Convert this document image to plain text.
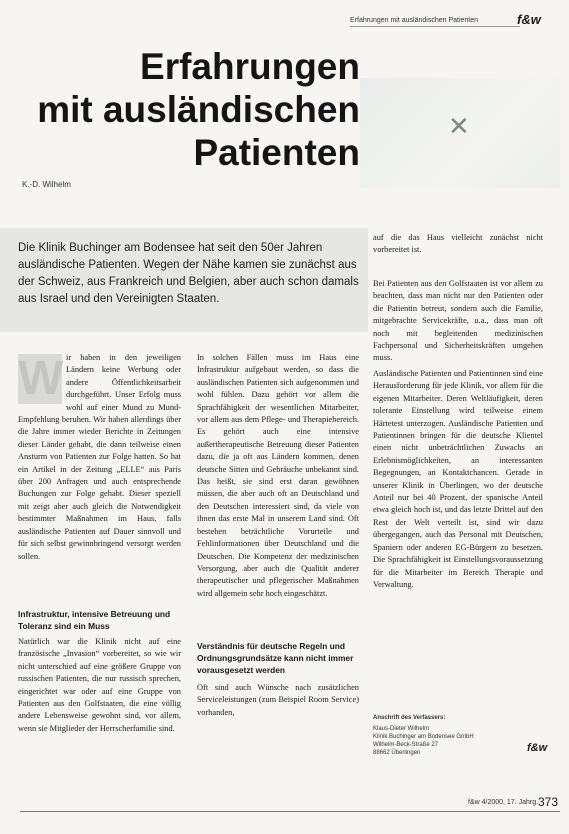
Erfahrungen mit ausländischen Patienten	f&w
✕
Erfahrungen
mit ausländischen
Patienten
K.-D. Wilhelm
Die Klinik Buchinger am Bodensee hat seit den 50er Jahren ausländische Patienten. Wegen der Nähe kamen sie zunächst aus der Schweiz, aus Frankreich und Belgien, aber auch schon damals aus Israel und den Vereinigten Staaten.
W ir haben in den jeweiligen Ländern keine Werbung oder andere Öffentlichkeitsarbeit durchgeführt. Unser Erfolg muss wohl auf einer Mund zu Mund-Empfehlung beruhen. Wir haben allerdings über die Jahre immer wieder Berichte in Zeitungen dieser Länder gehabt, die dann teilweise einen Ansturm von Patienten zur Folge hatten. So hat ein Artikel in der Zeitung „ELLE“ aus Paris über 200 Anfragen und auch entsprechende Buchungen zur Folge gehabt. Dieser speziell mit zeigt aber auch gleich die Notwendigkeit bestimmter Maßnahmen im Haus, falls ausländische Patienten auf Dauer sinnvoll und für sich selbst gewinnbringend versorgt werden sollen.

Infrastruktur, intensive Betreuung und Toleranz sind ein Muss

Natürlich war die Klinik nicht auf eine französische „Invasion“ vorbereitet, so wie wir nicht unterschied auf eine größere Gruppe von russischen Patienten, die nur russisch sprechen, eingerichtet war oder auf eine Gruppe von Patienten aus den Golfstaaten, die eine völlig andere Lebensweise gewohnt sind, vor allem, wenn sie Mitglieder der Herrscherfamilie sind.

In solchen Fällen muss im Haus eine Infrastruktur aufgebaut werden, so dass die ausländischen Patienten sich aufgenommen und wohl fühlen. Dazu gehört vor allem die Sprachfähigkeit der wesentlichen Mitarbeiter, vor allem aus dem Pflege- und Therapiebereich. Es gehört auch eine intensive außertherapeutische Betreuung dieser Patienten dazu, die ja oft aus Ländern kommen, denen deutsche Sitten und Gebräuche unbekannt sind. Das heißt, sie sind erst daran gewöhnen müssen, die aber auch oft an Deutschland und den Deutschen interessiert sind, da viele von ihnen das erste Mal in unserem Land sind. Oft bestehen beträchtliche Vorurteile und Fehlinformationen über Deutschland und die Deutschen. Die Kompetenz der medizinischen Versorgung, aber auch die Qualität anderer therapeutischer und pflegerischer Maßnahmen wird allgemein sehr hoch eingeschätzt.

Verständnis für deutsche Regeln und Ordnungsgrundsätze kann nicht immer vorausgesetzt werden

Oft sind auch Wünsche nach zusätzlichen Serviceleistungen (zum Beispiel Room Service) vorhanden,

auf die das Haus vielleicht zunächst nicht vorbereitet ist.

Bei Patienten aus den Golfstaaten ist vor allem zu beachten, dass man nicht nur den Patienten oder die Patientin betreut, sondern auch die Familie, mitgebrachte Servicekräfte, u.a., dass man oft noch mit begleitenden medizinischen Fachpersonal und Sicherheitskräften umgehen muss.

Ausländische Patienten und Patientinnen sind eine Herausforderung für jede Klinik, vor allem für die eigenen Mitarbeiter. Deren Weltläufigkeit, deren tolerante Einstellung wird teilweise einem Härtetest unterzogen. Ausländische Patienten und Patientinnen bringen für die deutsche Klientel einen nicht unbeträchtlichen Zuwachs an Erlebnismöglichkeiten, an interessanten Begegnungen, an Kontaktchancen. Gerade in unserer Klinik in Überlingen, wo der deutsche Anteil nur bei 40 Prozent, der spanische Anteil etwa gleich hoch ist, und das letzte Drittel auf den Rest der Welt verteilt ist, sind wir dazu übergegangen, auch das Personal mit Deutschen, Spaniern oder anderen EG-Bürgern zu besetzen. Die Sprachfähigkeit ist Einstellungsvoraussetzung für die Mitarbeiter im Bereich Therapie und Verwaltung.

Anschrift des Verfassers:
Klaus-Dieter Wilhelm
Klinik Buchinger am Bodensee GmbH
Wilhelm-Beck-Straße 27
88662 Überlingen	f&w
f&w 4/2000, 17. Jahrg. 373
